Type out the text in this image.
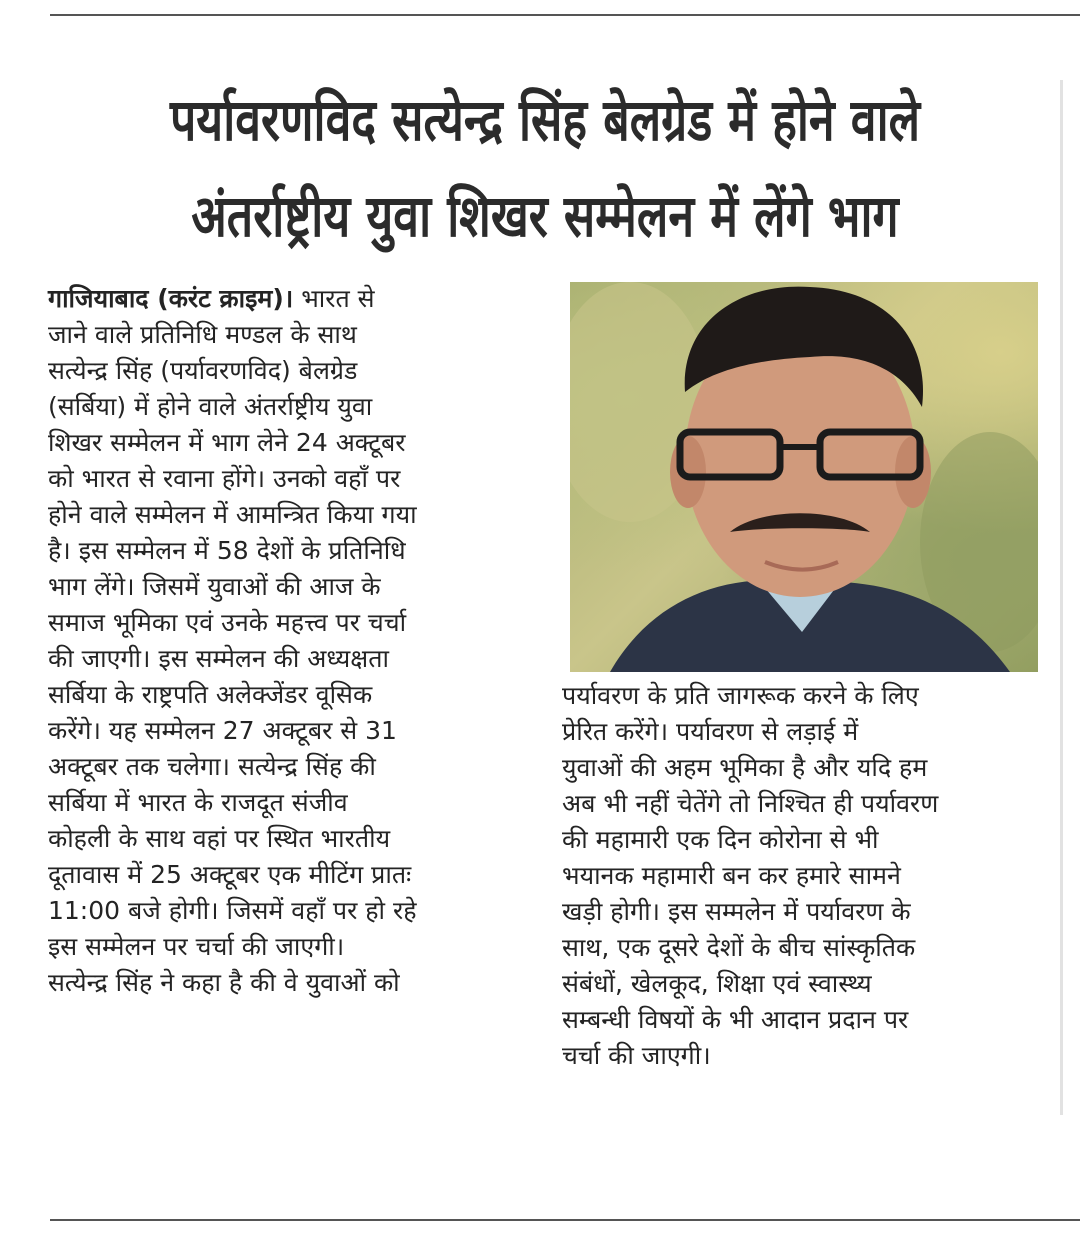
पर्यावरणविद सत्येन्द्र सिंह बेलग्रेड में होने वाले
अंतर्राष्ट्रीय युवा शिखर सम्मेलन में लेंगे भाग
गाजियाबाद (करंट क्राइम)। भारत से
जाने वाले प्रतिनिधि मण्डल के साथ
सत्येन्द्र सिंह (पर्यावरणविद) बेलग्रेड
(सर्बिया) में होने वाले अंतर्राष्ट्रीय युवा
शिखर सम्मेलन में भाग लेने 24 अक्टूबर
को भारत से रवाना होंगे। उनको वहाँ पर
होने वाले सम्मेलन में आमन्त्रित किया गया
है। इस सम्मेलन में 58 देशों के प्रतिनिधि
भाग लेंगे। जिसमें युवाओं की आज के
समाज भूमिका एवं उनके महत्त्व पर चर्चा
की जाएगी। इस सम्मेलन की अध्यक्षता
सर्बिया के राष्ट्रपति अलेक्जेंडर वूसिक
करेंगे। यह सम्मेलन 27 अक्टूबर से 31
अक्टूबर तक चलेगा। सत्येन्द्र सिंह की
सर्बिया में भारत के राजदूत संजीव
कोहली के साथ वहां पर स्थित भारतीय
दूतावास में 25 अक्टूबर एक मीटिंग प्रातः
11:00 बजे होगी। जिसमें वहाँ पर हो रहे
इस सम्मेलन पर चर्चा की जाएगी।
सत्येन्द्र सिंह ने कहा है की वे युवाओं को
पर्यावरण के प्रति जागरूक करने के लिए
प्रेरित करेंगे। पर्यावरण से लड़ाई में
युवाओं की अहम भूमिका है और यदि हम
अब भी नहीं चेतेंगे तो निश्चित ही पर्यावरण
की महामारी एक दिन कोरोना से भी
भयानक महामारी बन कर हमारे सामने
खड़ी होगी। इस सम्मलेन में पर्यावरण के
साथ, एक दूसरे देशों के बीच सांस्कृतिक
संबंधों, खेलकूद, शिक्षा एवं स्वास्थ्य
सम्बन्धी विषयों के भी आदान प्रदान पर
चर्चा की जाएगी।
